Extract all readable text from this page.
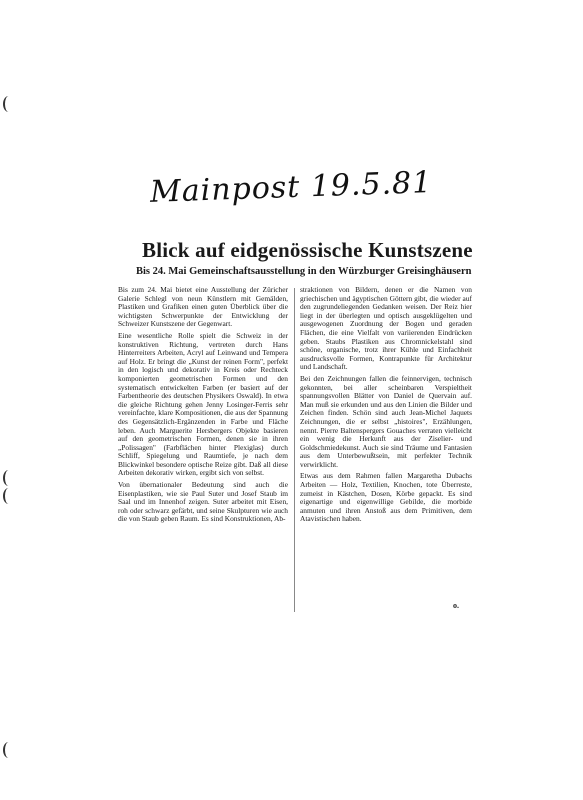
Mainpost 19.5.81
Blick auf eidgenössische Kunstszene
Bis 24. Mai Gemeinschaftsausstellung in den Würzburger Greisinghäusern

Bis zum 24. Mai bietet eine Ausstellung der Züricher Galerie Schlegl von neun Künstlern mit Gemälden, Plastiken und Grafiken einen guten Überblick über die wichtigsten Schwerpunkte der Entwicklung der Schweizer Kunstszene der Gegenwart.

Eine wesentliche Rolle spielt die Schweiz in der konstruktiven Richtung, vertreten durch Hans Hinterreiters Arbeiten, Acryl auf Leinwand und Tempera auf Holz. Er bringt die „Kunst der reinen Form", perfekt in den logisch und dekorativ in Kreis oder Rechteck komponierten geometrischen Formen und den systematisch entwickelten Farben (er basiert auf der Farbentheorie des deutschen Physikers Oswald). In etwa die gleiche Richtung gehen Jenny Losinger-Ferris sehr vereinfachte, klare Kompositionen, die aus der Spannung des Gegensätzlich-Ergänzenden in Farbe und Fläche leben. Auch Marguerite Hersbergers Objekte basieren auf den geometrischen Formen, denen sie in ihren „Polissagen" (Farbflächen hinter Plexiglas) durch Schliff, Spiegelung und Raumtiefe, je nach dem Blickwinkel besondere optische Reize gibt. Daß all diese Arbeiten dekorativ wirken, ergibt sich von selbst.

Von übernationaler Bedeutung sind auch die Eisenplastiken, wie sie Paul Suter und Josef Staub im Saal und im Innenhof zeigen. Suter arbeitet mit Eisen, roh oder schwarz gefärbt, und seine Skulpturen wie auch die von Staub geben Raum. Es sind Konstruktionen, Ab-

straktionen von Bildern, denen er die Namen von griechischen und ägyptischen Göttern gibt, die wieder auf den zugrundeliegenden Gedanken weisen. Der Reiz hier liegt in der überlegten und optisch ausgeklügelten und ausgewogenen Zuordnung der Bogen und geraden Flächen, die eine Vielfalt von variierenden Eindrücken geben. Staubs Plastiken aus Chromnickelstahl sind schöne, organische, trotz ihrer Kühle und Einfachheit ausdrucksvolle Formen, Kontrapunkte für Architektur und Landschaft.

Bei den Zeichnungen fallen die feinnervigen, technisch gekonnten, bei aller scheinbaren Verspieltheit spannungsvollen Blätter von Daniel de Quervain auf. Man muß sie erkunden und aus den Linien die Bilder und Zeichen finden. Schön sind auch Jean-Michel Jaquets Zeichnungen, die er selbst „histoires", Erzählungen, nennt. Pierre Baltenspergers Gouaches verraten vielleicht ein wenig die Herkunft aus der Ziselier- und Goldschmiedekunst. Auch sie sind Träume und Fantasien aus dem Unterbewußtsein, mit perfekter Technik verwirklicht.

Etwas aus dem Rahmen fallen Margaretha Dubachs Arbeiten — Holz, Textilien, Knochen, tote Überreste, zumeist in Kästchen, Dosen, Körbe gepackt. Es sind eigenartige und eigenwillige Gebilde, die morbide anmuten und ihren Anstoß aus dem Primitiven, dem Atavistischen haben.

o.
